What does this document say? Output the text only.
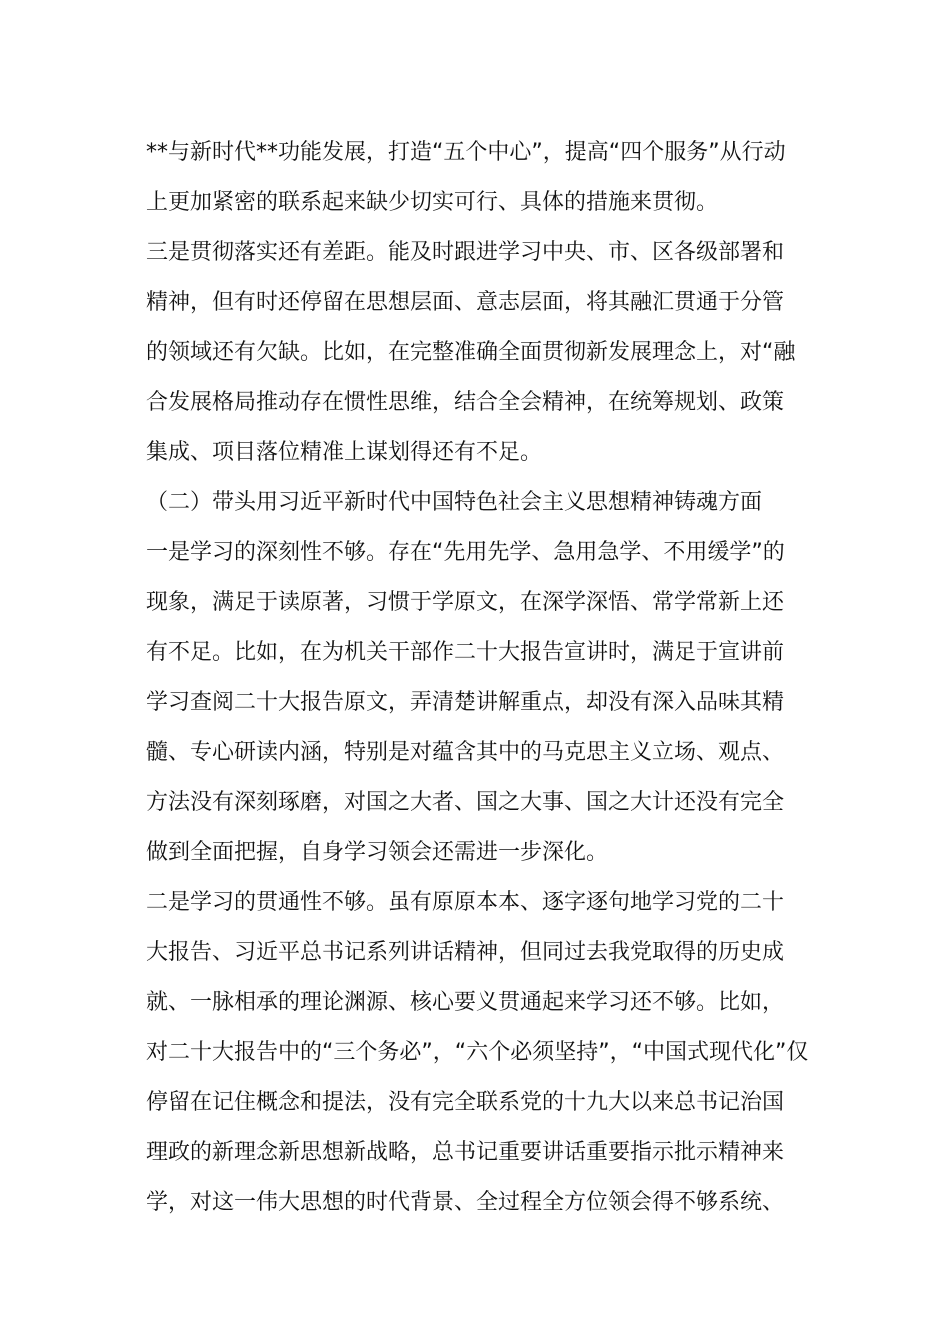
**与新时代**功能发展，打造“五个中心”，提高“四个服务”从行动
上更加紧密的联系起来缺少切实可行、具体的措施来贯彻。
三是贯彻落实还有差距。能及时跟进学习中央、市、区各级部署和
精神，但有时还停留在思想层面、意志层面，将其融汇贯通于分管
的领域还有欠缺。比如，在完整准确全面贯彻新发展理念上，对“融
合发展格局推动存在惯性思维，结合全会精神，在统筹规划、政策
集成、项目落位精准上谋划得还有不足。
（二）带头用习近平新时代中国特色社会主义思想精神铸魂方面
一是学习的深刻性不够。存在“先用先学、急用急学、不用缓学”的
现象，满足于读原著，习惯于学原文，在深学深悟、常学常新上还
有不足。比如，在为机关干部作二十大报告宣讲时，满足于宣讲前
学习查阅二十大报告原文，弄清楚讲解重点，却没有深入品味其精
髓、专心研读内涵，特别是对蕴含其中的马克思主义立场、观点、
方法没有深刻琢磨，对国之大者、国之大事、国之大计还没有完全
做到全面把握，自身学习领会还需进一步深化。
二是学习的贯通性不够。虽有原原本本、逐字逐句地学习党的二十
大报告、习近平总书记系列讲话精神，但同过去我党取得的历史成
就、一脉相承的理论渊源、核心要义贯通起来学习还不够。比如，
对二十大报告中的“三个务必”，“六个必须坚持”，“中国式现代化”仅
停留在记住概念和提法，没有完全联系党的十九大以来总书记治国
理政的新理念新思想新战略，总书记重要讲话重要指示批示精神来
学，对这一伟大思想的时代背景、全过程全方位领会得不够系统、
